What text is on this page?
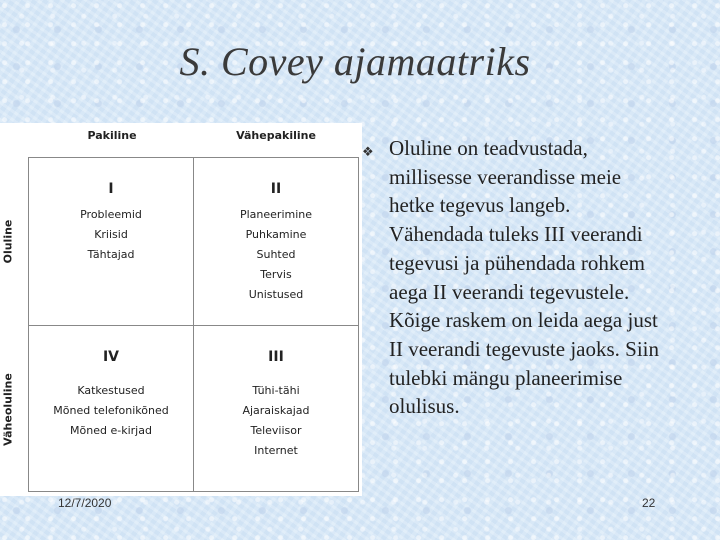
S. Covey ajamaatriks
Pakiline	Vähepakiline
Oluline
Väheoluline
I
Probleemid
Kriisid
Tähtajad
II
Planeerimine
Puhkamine
Suhted
Tervis
Unistused
IV
Katkestused
Mõned telefonikõned
Mõned e-kirjad
III
Tühi-tähi
Ajaraiskajad
Televiisor
Internet
❖ Oluline on teadvustada, millisesse veerandisse meie hetke tegevus langeb. Vähendada tuleks III veerandi tegevusi ja pühendada rohkem aega II veerandi tegevustele. Kõige raskem on leida aega just II veerandi tegevuste jaoks. Siin tulebki mängu planeerimise olulisus.
12/7/2020	22
